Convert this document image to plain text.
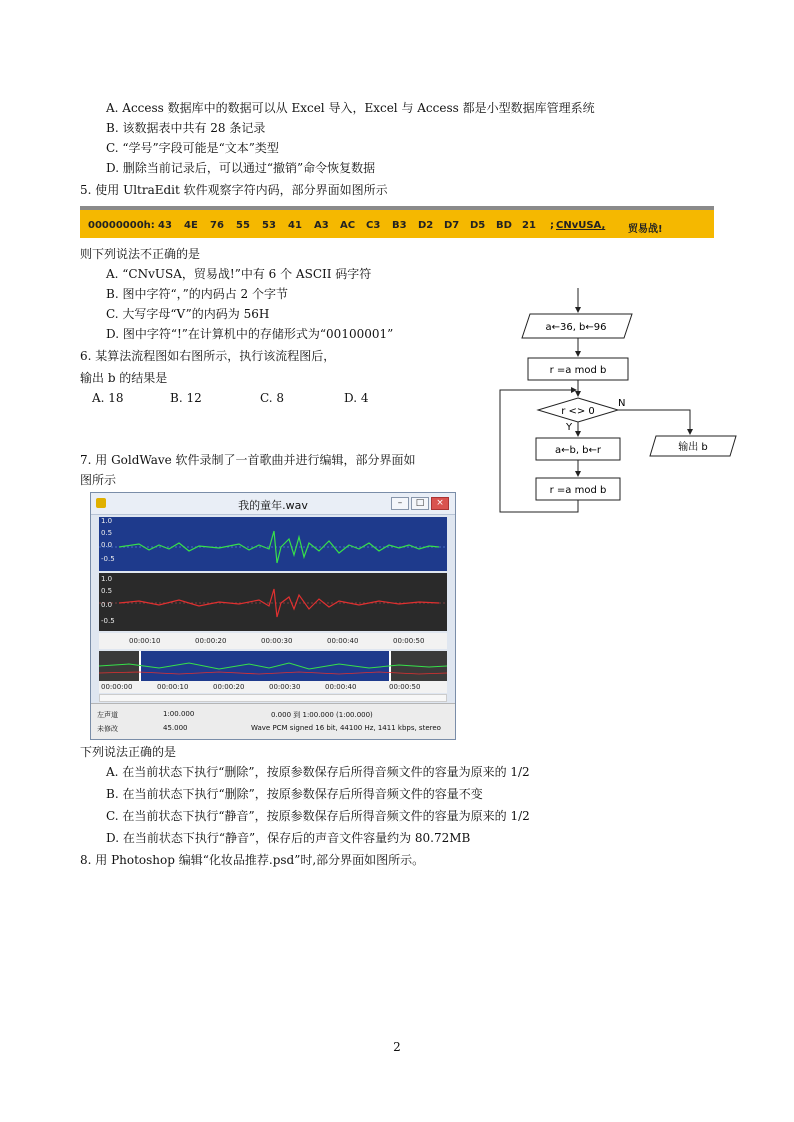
A. Access 数据库中的数据可以从 Excel 导入，Excel 与 Access 都是小型数据库管理系统
B. 该数据表中共有 28 条记录
C. “学号”字段可能是“文本”类型
D. 删除当前记录后，可以通过“撤销”命令恢复数据
5. 使用 UltraEdit 软件观察字符内码，部分界面如图所示
00000000h: 43 4E 76 55 53 41 A3 AC C3 B3 D2 D7 D5 BD 21 ; CNvUSA, 贸易战!
则下列说法不正确的是
A. “CNvUSA，贸易战!”中有 6 个 ASCII 码字符
B. 图中字符“，”的内码占 2 个字节
C. 大写字母“V”的内码为 56H
D. 图中字符“!”在计算机中的存储形式为“00100001”
6. 某算法流程图如右图所示，执行该流程图后，
输出 b 的结果是
A. 18	B. 12	C. 8	D. 4
a←36, b←96
r =a mod b
r <> 0
N
Y
a←b, b←r
r =a mod b
输出 b
7. 用 GoldWave 软件录制了一首歌曲并进行编辑，部分界面如
图所示
我的童年.wav	–	□	×
1.0
0.5
0.0
-0.5
1.0
0.5
0.0
-0.5
00:00:10	00:00:20	00:00:30	00:00:40	00:00:50
00:00:00	00:00:10	00:00:20	00:00:30	00:00:40	00:00:50
左声道	1:00.000	0.000 到 1:00.000 (1:00.000)
未修改	45.000	Wave PCM signed 16 bit, 44100 Hz, 1411 kbps, stereo
下列说法正确的是
A. 在当前状态下执行“删除”，按原参数保存后所得音频文件的容量为原来的 1/2
B. 在当前状态下执行“删除”，按原参数保存后所得音频文件的容量不变
C. 在当前状态下执行“静音”，按原参数保存后所得音频文件的容量为原来的 1/2
D. 在当前状态下执行“静音”，保存后的声音文件容量约为 80.72MB
8. 用 Photoshop 编辑“化妆品推荐.psd”时,部分界面如图所示。
2
